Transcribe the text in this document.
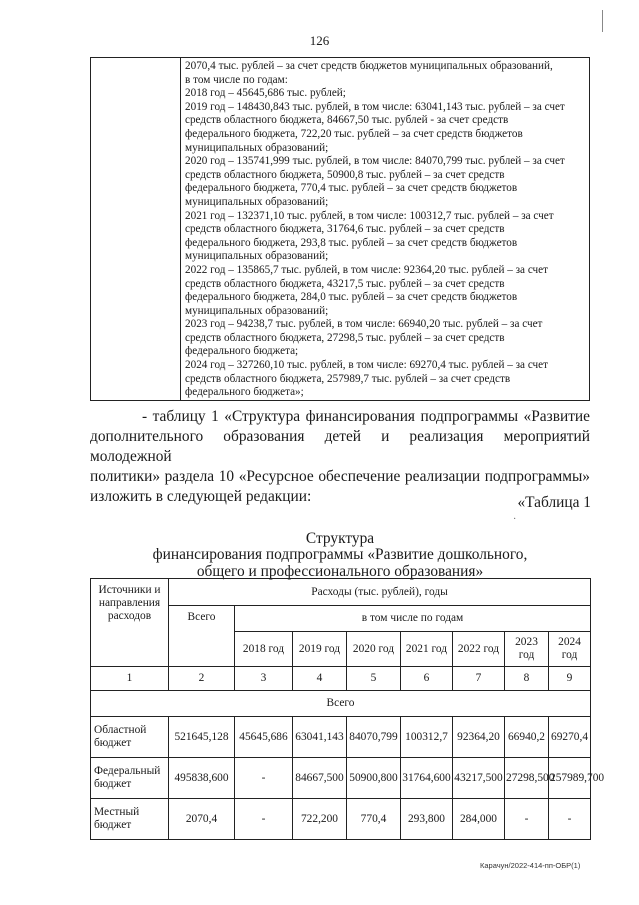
126

2070,4 тыс. рублей – за счет средств бюджетов муниципальных образований,
в том числе по годам:
2018 год – 45645,686 тыс. рублей;
2019 год – 148430,843 тыс. рублей, в том числе: 63041,143 тыс. рублей – за счет
средств областного бюджета, 84667,50 тыс. рублей - за счет средств
федерального бюджета, 722,20 тыс. рублей – за счет средств бюджетов
муниципальных образований;
2020 год – 135741,999 тыс. рублей, в том числе: 84070,799 тыс. рублей – за счет
средств областного бюджета, 50900,8 тыс. рублей – за счет средств
федерального бюджета, 770,4 тыс. рублей – за счет средств бюджетов
муниципальных образований;
2021 год – 132371,10 тыс. рублей, в том числе: 100312,7 тыс. рублей – за счет
средств областного бюджета, 31764,6 тыс. рублей – за счет средств
федерального бюджета, 293,8 тыс. рублей – за счет средств бюджетов
муниципальных образований;
2022 год – 135865,7 тыс. рублей, в том числе: 92364,20 тыс. рублей – за счет
средств областного бюджета, 43217,5 тыс. рублей – за счет средств
федерального бюджета, 284,0 тыс. рублей – за счет средств бюджетов
муниципальных образований;
2023 год – 94238,7 тыс. рублей, в том числе: 66940,20 тыс. рублей – за счет
средств областного бюджета, 27298,5 тыс. рублей – за счет средств
федерального бюджета;
2024 год – 327260,10 тыс. рублей, в том числе: 69270,4 тыс. рублей – за счет
средств областного бюджета, 257989,7 тыс. рублей – за счет средств
федерального бюджета»;
- таблицу 1 «Структура финансирования подпрограммы «Развитие
дополнительного образования детей и реализация мероприятий молодежной
политики» раздела 10 «Ресурсное обеспечение реализации подпрограммы»
изложить в следующей редакции:	«Таблица 1
·
Структура
финансирования подпрограммы «Развитие дошкольного,
общего и профессионального образования»
Источники и направления расходов	Расходы (тыс. рублей), годы							
	Всего	в том числе по годам						
		2018 год	2019 год	2020 год	2021 год	2022 год	2023 год	2024 год
1	2	3	4	5	6	7	8	9
Всего								
Областной бюджет	521645,128	45645,686	63041,143	84070,799	100312,7	92364,20	66940,2	69270,4
Федеральный бюджет	495838,600	-	84667,500	50900,800	31764,600	43217,500	27298,500	257989,700
Местный бюджет	2070,4	-	722,200	770,4	293,800	284,000	-	-
Карачун/2022-414-пп-ОБР(1)
